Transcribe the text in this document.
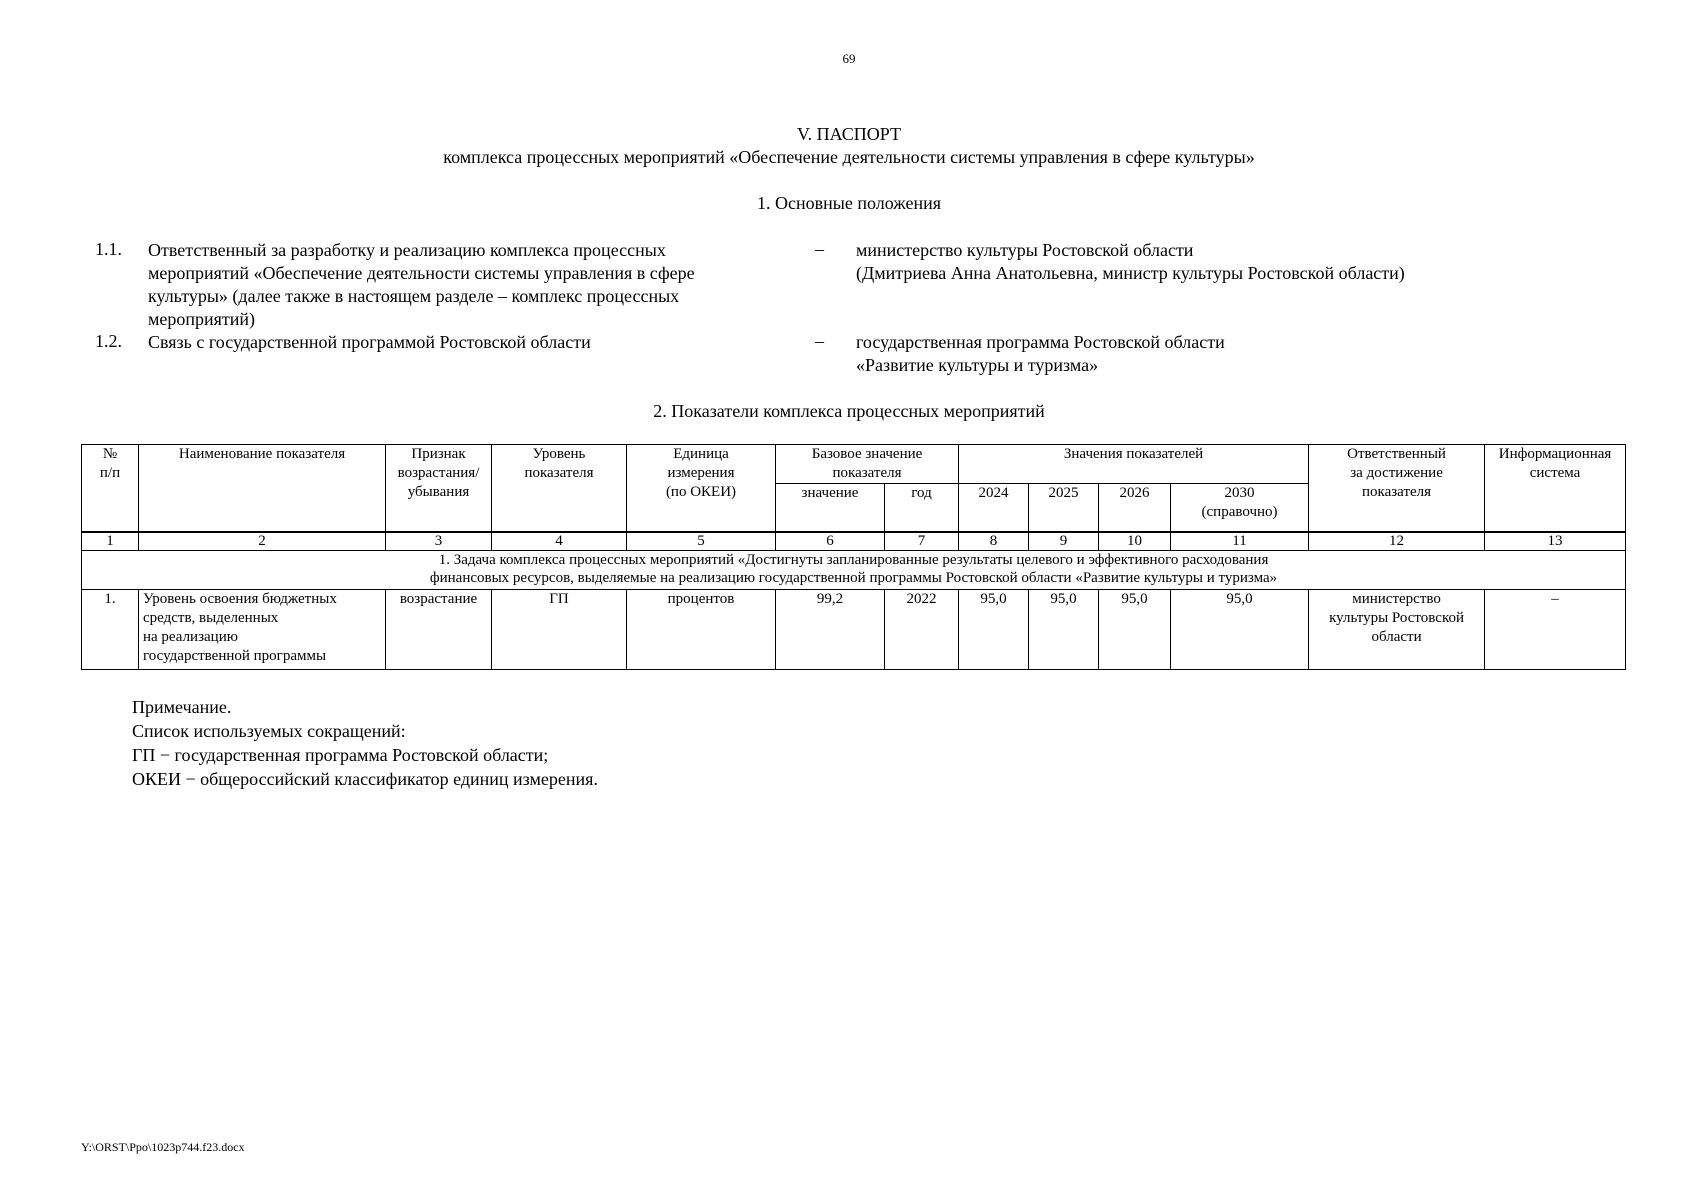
69
V. ПАСПОРТ
комплекса процессных мероприятий «Обеспечение деятельности системы управления в сфере культуры»
1. Основные положения
1.1. Ответственный за разработку и реализацию комплекса процессных
мероприятий «Обеспечение деятельности системы управления в сфере
культуры» (далее также в настоящем разделе – комплекс процессных
мероприятий)
– министерство культуры Ростовской области
(Дмитриева Анна Анатольевна, министр культуры Ростовской области)
1.2. Связь с государственной программой Ростовской области	– государственная программа Ростовской области
«Развитие культуры и туризма»
2. Показатели комплекса процессных мероприятий
№
п/п	Наименование показателя	Признак
возрастания/
убывания	Уровень
показателя	Единица
измерения
(по ОКЕИ)	Базовое значение
показателя		Значения показателей				Ответственный
за достижение
показателя	Информационная
система

					значение	год	2024	2025	2026	2030
(справочно)		

1	2	3	4	5	6	7	8	9	10	11	12	13

1. Задача комплекса процессных мероприятий «Достигнуты запланированные результаты целевого и эффективного расходования
финансовых ресурсов, выделяемые на реализацию государственной программы Ростовской области «Развитие культуры и туризма»												

1.	Уровень освоения бюджетных
средств, выделенных
на реализацию
государственной программы	возрастание	ГП	процентов	99,2	2022	95,0	95,0	95,0	95,0	министерство
культуры Ростовской
области	–
Примечание.
Список используемых сокращений:
ГП − государственная программа Ростовской области;
ОКЕИ − общероссийский классификатор единиц измерения.
Y:\ORST\Ppo\1023p744.f23.docx
